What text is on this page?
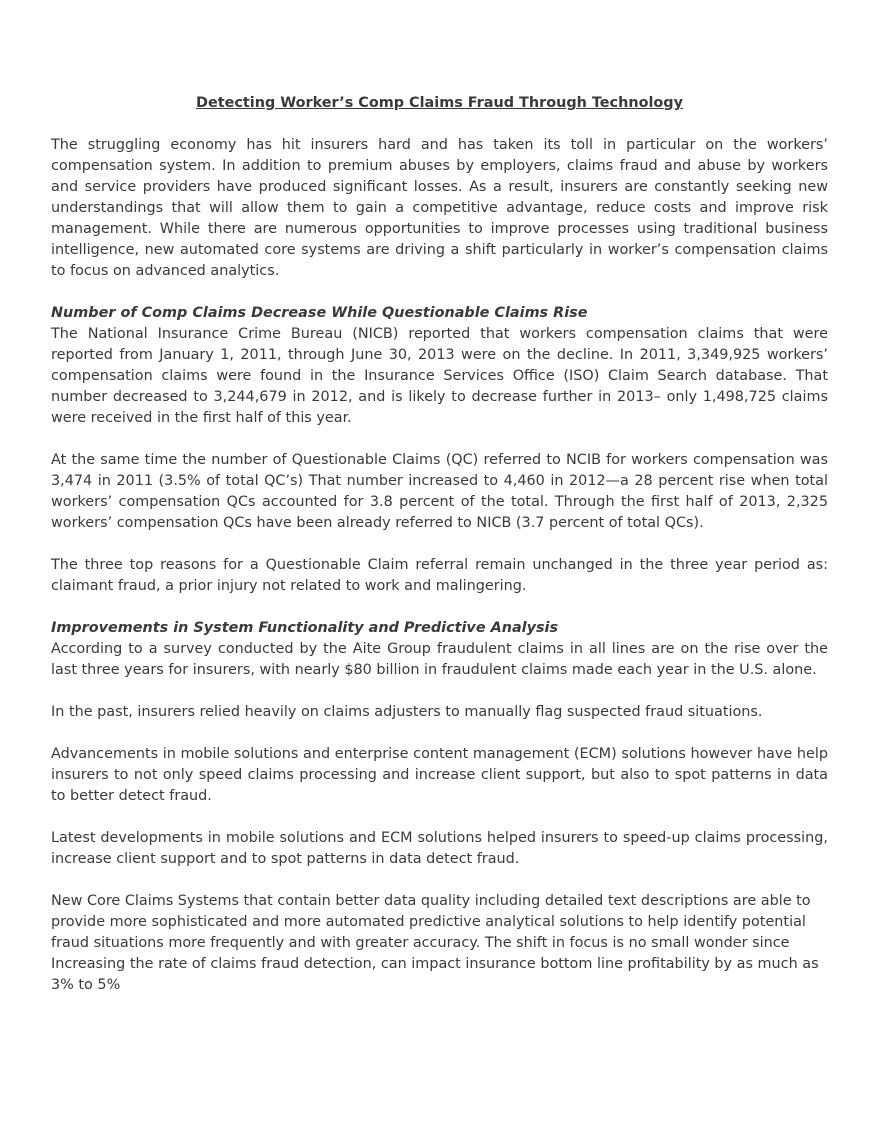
Detecting Worker’s Comp Claims Fraud Through Technology

The struggling economy has hit insurers hard and has taken its toll in particular on the workers’ compensation system. In addition to premium abuses by employers, claims fraud and abuse by workers and service providers have produced significant losses. As a result, insurers are constantly seeking new understandings that will allow them to gain a competitive advantage, reduce costs and improve risk management. While there are numerous opportunities to improve processes using traditional business intelligence, new automated core systems are driving a shift particularly in worker’s compensation claims to focus on advanced analytics.

Number of Comp Claims Decrease While Questionable Claims Rise

The National Insurance Crime Bureau (NICB) reported that workers compensation claims that were reported from January 1, 2011, through June 30, 2013 were on the decline. In 2011, 3,349,925 workers’ compensation claims were found in the Insurance Services Office (ISO) Claim Search database. That number decreased to 3,244,679 in 2012, and is likely to decrease further in 2013– only 1,498,725 claims were received in the first half of this year.

At the same time the number of Questionable Claims (QC) referred to NCIB for workers compensation was 3,474 in 2011 (3.5% of total QC’s) That number increased to 4,460 in 2012—a 28 percent rise when total workers’ compensation QCs accounted for 3.8 percent of the total. Through the first half of 2013, 2,325 workers’ compensation QCs have been already referred to NICB (3.7 percent of total QCs).

The three top reasons for a Questionable Claim referral remain unchanged in the three year period as: claimant fraud, a prior injury not related to work and malingering.

Improvements in System Functionality and Predictive Analysis

According to a survey conducted by the Aite Group fraudulent claims in all lines are on the rise over the last three years for insurers, with nearly $80 billion in fraudulent claims made each year in the U.S. alone.

In the past, insurers relied heavily on claims adjusters to manually flag suspected fraud situations.

Advancements in mobile solutions and enterprise content management (ECM) solutions however have help insurers to not only speed claims processing and increase client support, but also to spot patterns in data to better detect fraud.

Latest developments in mobile solutions and ECM solutions helped insurers to speed-up claims processing, increase client support and to spot patterns in data detect fraud.

New Core Claims Systems that contain better data quality including detailed text descriptions are able to provide more sophisticated and more automated predictive analytical solutions to help identify potential fraud situations more frequently and with greater accuracy. The shift in focus is no small wonder since Increasing the rate of claims fraud detection, can impact insurance bottom line profitability by as much as 3% to 5%
